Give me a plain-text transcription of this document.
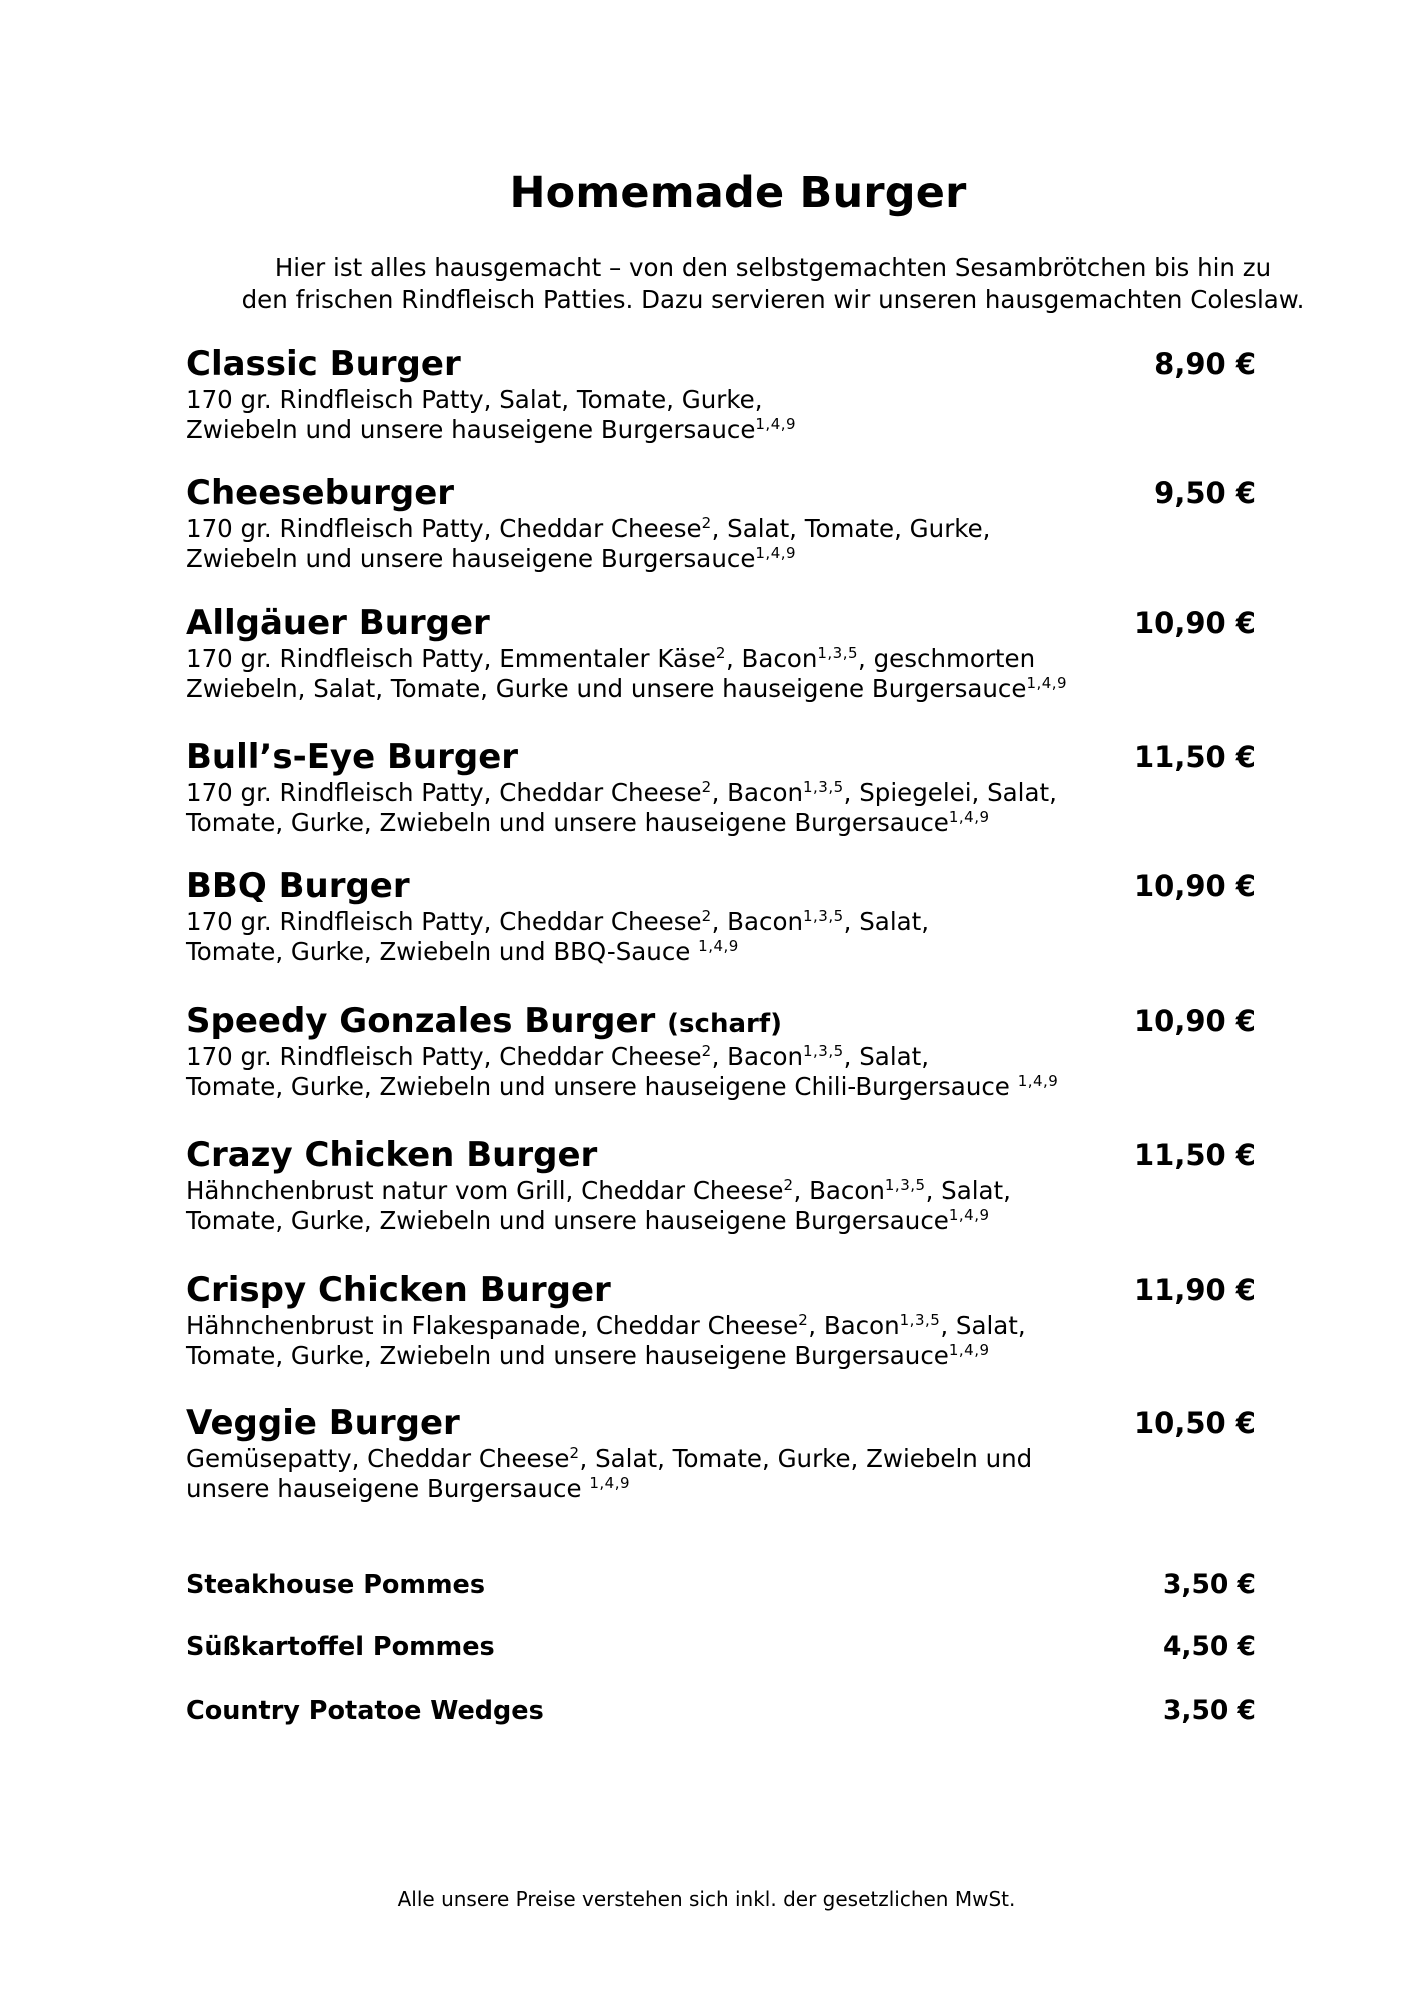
Homemade Burger
Hier ist alles hausgemacht – von den selbstgemachten Sesambrötchen bis hin zu
den frischen Rindfleisch Patties. Dazu servieren wir unseren hausgemachten Coleslaw.
Classic Burger	8,90 €
170 gr. Rindfleisch Patty, Salat, Tomate, Gurke,
Zwiebeln und unsere hauseigene Burgersauce$^{1,4,9}$
Cheeseburger	9,50 €
170 gr. Rindfleisch Patty, Cheddar Cheese$^2$, Salat, Tomate, Gurke,
Zwiebeln und unsere hauseigene Burgersauce$^{1,4,9}$
Allgäuer Burger	10,90 €
170 gr. Rindfleisch Patty, Emmentaler Käse$^2$, Bacon$^{1,3,5}$, geschmorten
Zwiebeln, Salat, Tomate, Gurke und unsere hauseigene Burgersauce$^{1,4,9}$
Bull’s-Eye Burger	11,50 €
170 gr. Rindfleisch Patty, Cheddar Cheese$^2$, Bacon$^{1,3,5}$, Spiegelei, Salat,
Tomate, Gurke, Zwiebeln und unsere hauseigene Burgersauce$^{1,4,9}$
BBQ Burger	10,90 €
170 gr. Rindfleisch Patty, Cheddar Cheese$^2$, Bacon$^{1,3,5}$, Salat,
Tomate, Gurke, Zwiebeln und BBQ-Sauce $^{1,4,9}$
Speedy Gonzales Burger (scharf)	10,90 €
170 gr. Rindfleisch Patty, Cheddar Cheese$^2$, Bacon$^{1,3,5}$, Salat,
Tomate, Gurke, Zwiebeln und unsere hauseigene Chili-Burgersauce $^{1,4,9}$
Crazy Chicken Burger	11,50 €
Hähnchenbrust natur vom Grill, Cheddar Cheese$^2$, Bacon$^{1,3,5}$, Salat,
Tomate, Gurke, Zwiebeln und unsere hauseigene Burgersauce$^{1,4,9}$
Crispy Chicken Burger	11,90 €
Hähnchenbrust in Flakespanade, Cheddar Cheese$^2$, Bacon$^{1,3,5}$, Salat,
Tomate, Gurke, Zwiebeln und unsere hauseigene Burgersauce$^{1,4,9}$
Veggie Burger	10,50 €
Gemüsepatty, Cheddar Cheese$^2$, Salat, Tomate, Gurke, Zwiebeln und
unsere hauseigene Burgersauce $^{1,4,9}$
Steakhouse Pommes	3,50 €
Süßkartoffel Pommes	4,50 €
Country Potatoe Wedges	3,50 €
Alle unsere Preise verstehen sich inkl. der gesetzlichen MwSt.
